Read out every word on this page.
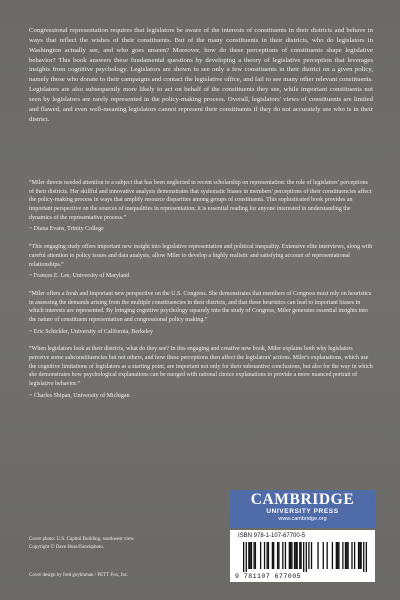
Congressional representation requires that legislators be aware of the interests of constituents in their districts and behave in ways that reflect the wishes of their constituents. But of the many constituents in their districts, who do legislators in Washington actually see, and who goes unseen? Moreover, how do these perceptions of constituents shape legislative behavior? This book answers these fundamental questions by developing a theory of legislative perception that leverages insights from cognitive psychology. Legislators are shown to see only a few constituents in their district on a given policy, namely those who donate to their campaigns and contact the legislative office, and fail to see many other relevant constituents. Legislators are also subsequently more likely to act on behalf of the constituents they see, while important constituents not seen by legislators are rarely represented in the policy-making process. Overall, legislators' views of constituents are limited and flawed, and even well-meaning legislators cannot represent their constituents if they do not accurately see who is in their district.

“Miler directs needed attention to a subject that has been neglected in recent scholarship on representation: the role of legislators' perceptions of their districts. Her skillful and innovative analysis demonstrates that systematic biases in members' perceptions of their constituencies affect the policy-making process in ways that amplify resource disparities among groups of constituents. This sophisticated book provides an important perspective on the sources of inequalities in representation; it is essential reading for anyone interested in understanding the dynamics of the representative process.”

~ Diana Evans, Trinity College

“This engaging study offers important new insight into legislative representation and political inequality. Extensive elite interviews, along with careful attention to policy issues and data analysis, allow Miler to develop a highly realistic and satisfying account of representational relationships.”

~ Frances E. Lee, University of Maryland

“Miler offers a fresh and important new perspective on the U.S. Congress. She demonstrates that members of Congress must rely on heuristics in assessing the demands arising from the multiple constituencies in their districts, and that these heuristics can lead to important biases in which interests are represented. By bringing cognitive psychology squarely into the study of Congress, Miler generates essential insights into the nature of constituent representation and congressional policy making.”

~ Eric Schickler, University of California, Berkeley

“When legislators look at their districts, what do they see? In this engaging and creative new book, Miler explains both why legislators perceive some subconstituencies but not others, and how these perceptions then affect the legislators' actions. Miler's explanations, which use the cognitive limitations of legislators as a starting point, are important not only for their substantive conclusions, but also for the way in which she demonstrates how psychological explanations can be merged with rational choice explanations to provide a more nuanced portrait of legislative behavior.”

~ Charles Shipan, University of Michigan

Cover photo: U.S. Capitol Building, southwest view.

Copyright © Dave Huss/iStockphoto.

Cover design by fred goykhman / PETT Fox, Inc.

CAMBRIDGE
UNIVERSITY PRESS
www.cambridge.org

ISBN 978-1-107-67700-5

9 781107 677005
